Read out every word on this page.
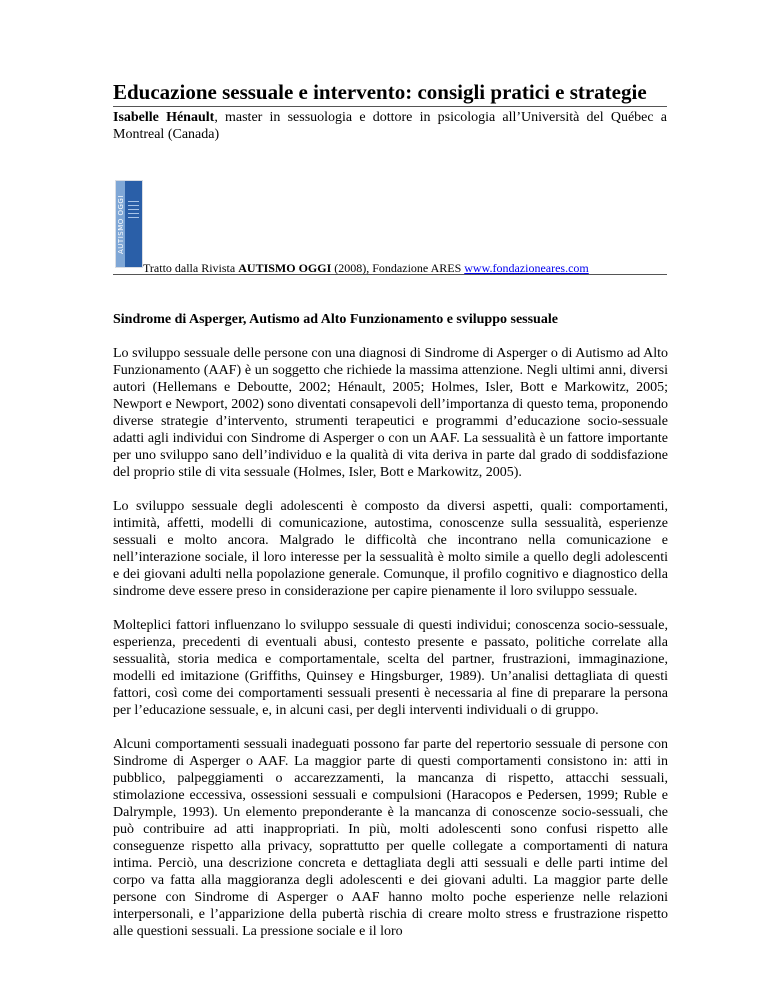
Educazione sessuale e intervento: consigli pratici e strategie

Isabelle Hénault, master in sessuologia e dottore in psicologia all’Università del Québec a Montreal (Canada)

AUTISMO OGGI

Tratto dalla Rivista AUTISMO OGGI (2008), Fondazione ARES www.fondazioneares.com

Sindrome di Asperger, Autismo ad Alto Funzionamento e sviluppo sessuale

Lo sviluppo sessuale delle persone con una diagnosi di Sindrome di Asperger o di Autismo ad Alto Funzionamento (AAF) è un soggetto che richiede la massima attenzione. Negli ultimi anni, diversi autori (Hellemans e Deboutte, 2002; Hénault, 2005; Holmes, Isler, Bott e Markowitz, 2005; Newport e Newport, 2002) sono diventati consapevoli dell’importanza di questo tema, proponendo diverse strategie d’intervento, strumenti terapeutici e programmi d’educazione socio-sessuale adatti agli individui con Sindrome di Asperger o con un AAF. La sessualità è un fattore importante per uno sviluppo sano dell’individuo e la qualità di vita deriva in parte dal grado di soddisfazione del proprio stile di vita sessuale (Holmes, Isler, Bott e Markowitz, 2005).

Lo sviluppo sessuale degli adolescenti è composto da diversi aspetti, quali: comportamenti, intimità, affetti, modelli di comunicazione, autostima, conoscenze sulla sessualità, esperienze sessuali e molto ancora. Malgrado le difficoltà che incontrano nella comunicazione e nell’interazione sociale, il loro interesse per la sessualità è molto simile a quello degli adolescenti e dei giovani adulti nella popolazione generale. Comunque, il profilo cognitivo e diagnostico della sindrome deve essere preso in considerazione per capire pienamente il loro sviluppo sessuale.

Molteplici fattori influenzano lo sviluppo sessuale di questi individui; conoscenza socio-sessuale, esperienza, precedenti di eventuali abusi, contesto presente e passato, politiche correlate alla sessualità, storia medica e comportamentale, scelta del partner, frustrazioni, immaginazione, modelli ed imitazione (Griffiths, Quinsey e Hingsburger, 1989). Un’analisi dettagliata di questi fattori, così come dei comportamenti sessuali presenti è necessaria al fine di preparare la persona per l’educazione sessuale, e, in alcuni casi, per degli interventi individuali o di gruppo.

Alcuni comportamenti sessuali inadeguati possono far parte del repertorio sessuale di persone con Sindrome di Asperger o AAF. La maggior parte di questi comportamenti consistono in: atti in pubblico, palpeggiamenti o accarezzamenti, la mancanza di rispetto, attacchi sessuali, stimolazione eccessiva, ossessioni sessuali e compulsioni (Haracopos e Pedersen, 1999; Ruble e Dalrymple, 1993). Un elemento preponderante è la mancanza di conoscenze socio-sessuali, che può contribuire ad atti inappropriati. In più, molti adolescenti sono confusi rispetto alle conseguenze rispetto alla privacy, soprattutto per quelle collegate a comportamenti di natura intima. Perciò, una descrizione concreta e dettagliata degli atti sessuali e delle parti intime del corpo va fatta alla maggioranza degli adolescenti e dei giovani adulti. La maggior parte delle persone con Sindrome di Asperger o AAF hanno molto poche esperienze nelle relazioni interpersonali, e l’apparizione della pubertà rischia di creare molto stress e frustrazione rispetto alle questioni sessuali. La pressione sociale e il loro
